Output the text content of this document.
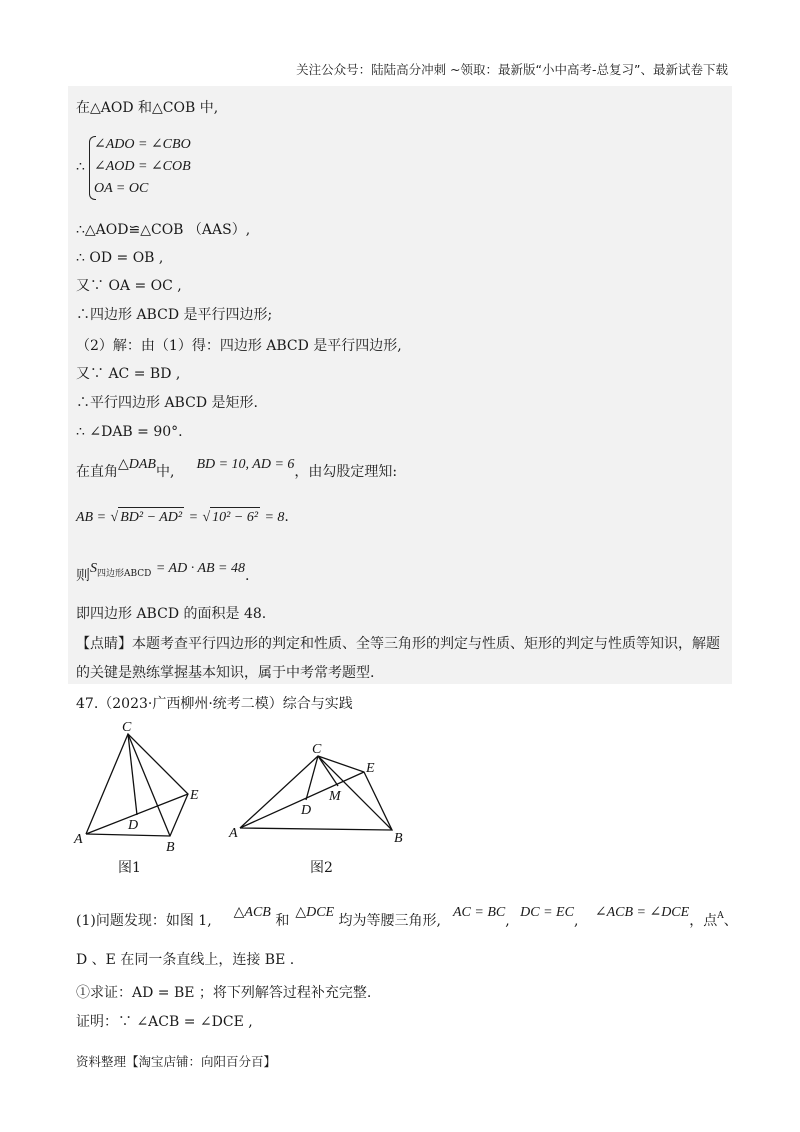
关注公众号：陆陆高分冲刺 ~领取：最新版“小中高考-总复习”、最新试卷下载
在△AOD 和△COB 中,
∴
∠ADO = ∠CBO
∠AOD = ∠COB
OA = OC
∴△AOD≌△COB （AAS）,
∴ OD = OB ,
又∵ OA = OC ,
∴四边形 ABCD 是平行四边形;
（2）解：由（1）得：四边形 ABCD 是平行四边形,
又∵ AC = BD ,
∴平行四边形 ABCD 是矩形.
∴ ∠DAB = 90°.
在直角△DAB中, BD = 10, AD = 6，由勾股定理知:
AB = √ BD² − AD² = √ 10² − 6² = 8.
则$S_{四边形ABCD}$ = AD · AB = 48.
即四边形 ABCD 的面积是 48.
【点睛】本题考查平行四边形的判定和性质、全等三角形的判定与性质、矩形的判定与性质等知识，解题
的关键是熟练掌握基本知识，属于中考常考题型.
47.（2023·广西柳州·统考二模）综合与实践
C
E
D
A
B
C
E
M
D
A	B
图1	图2
(1)问题发现：如图 1,△ACB 和△DCE 均为等腰三角形,AC = BC, DC = EC, ∠ACB = ∠DCE，点$^A$、
D 、E 在同一条直线上，连接 BE .
①求证：AD = BE ；将下列解答过程补充完整.
证明：∵ ∠ACB = ∠DCE ,
资料整理【淘宝店铺：向阳百分百】
